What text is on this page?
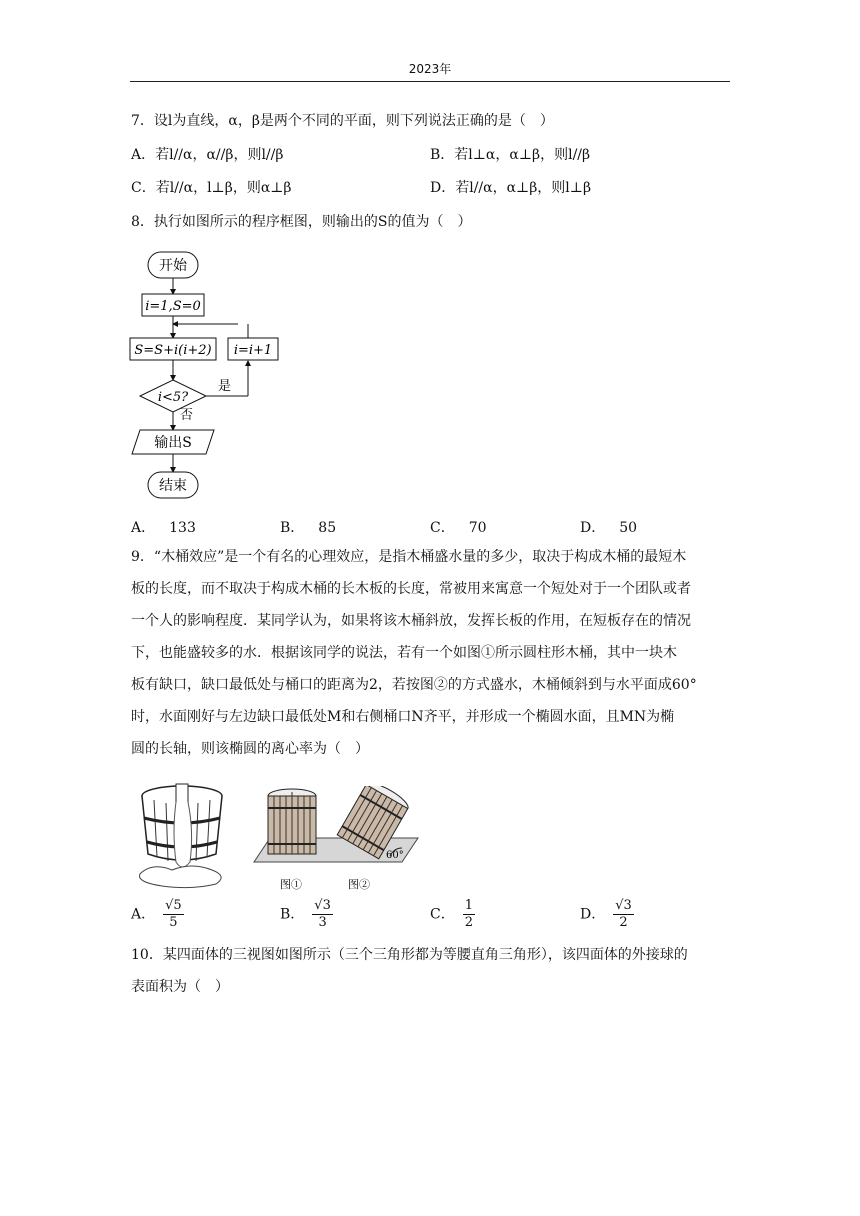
2023年
7．设l为直线，α，β是两个不同的平面，则下列说法正确的是（　）
A．若l//α，α//β，则l//β	B．若l⊥α，α⊥β，则l//β
C．若l//α，l⊥β，则α⊥β	D．若l//α，α⊥β，则l⊥β
8．执行如图所示的程序框图，则输出的S的值为（　）
开始
i=1,S=0
S=S+i(i+2)
i<5?
输出S
结束
i=i+1
是
否
A． 133	B． 85	C． 70	D． 50
9．“木桶效应”是一个有名的心理效应，是指木桶盛水量的多少，取决于构成木桶的最短木
板的长度，而不取决于构成木桶的长木板的长度，常被用来寓意一个短处对于一个团队或者
一个人的影响程度．某同学认为，如果将该木桶斜放，发挥长板的作用，在短板存在的情况
下，也能盛较多的水．根据该同学的说法，若有一个如图①所示圆柱形木桶，其中一块木
板有缺口，缺口最低处与桶口的距离为2，若按图②的方式盛水，木桶倾斜到与水平面成60°
时，水面刚好与左边缺口最低处M和右侧桶口N齐平，并形成一个椭圆水面，且MN为椭
圆的长轴，则该椭圆的离心率为（　）
60°
图①	图②
A． √ $\frac{5}{5}$	B． √ $\frac{3}{3}$	C． $\frac{1}{2}$	D． √ $\frac{3}{2}$
10．某四面体的三视图如图所示（三个三角形都为等腰直角三角形），该四面体的外接球的
表面积为（　）
